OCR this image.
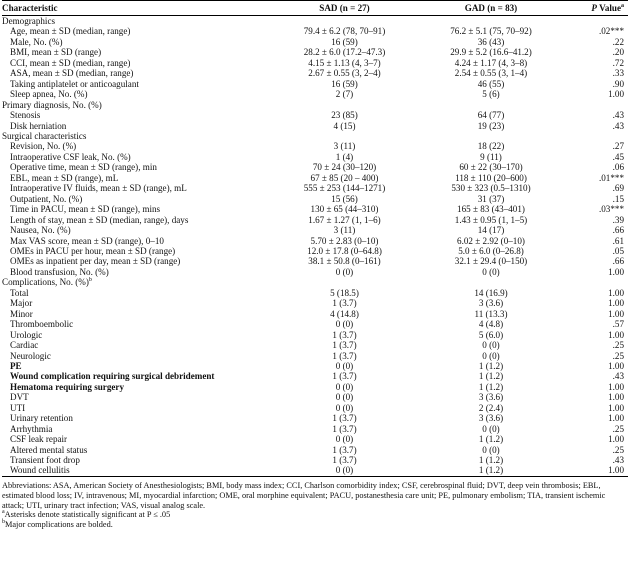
Characteristic	SAD (n = 27)	GAD (n = 83)	P Value$^a$
Demographics			
Age, mean ± SD (median, range)	79.4 ± 6.2 (78, 70–91)	76.2 ± 5.1 (75, 70–92)	.02***
Male, No. (%)	16 (59)	36 (43)	.22
BMI, mean ± SD (range)	28.2 ± 6.0 (17.2–47.3)	29.9 ± 5.2 (16.6–41.2)	.20
CCI, mean ± SD (median, range)	4.15 ± 1.13 (4, 3–7)	4.24 ± 1.17 (4, 3–8)	.72
ASA, mean ± SD (median, range)	2.67 ± 0.55 (3, 2–4)	2.54 ± 0.55 (3, 1–4)	.33
Taking antiplatelet or anticoagulant	16 (59)	46 (55)	.90
Sleep apnea, No. (%)	2 (7)	5 (6)	1.00
Primary diagnosis, No. (%)			
Stenosis	23 (85)	64 (77)	.43
Disk herniation	4 (15)	19 (23)	.43
Surgical characteristics			
Revision, No. (%)	3 (11)	18 (22)	.27
Intraoperative CSF leak, No. (%)	1 (4)	9 (11)	.45
Operative time, mean ± SD (range), min	70 ± 24 (30–120)	60 ± 22 (30–170)	.06
EBL, mean ± SD (range), mL	67 ± 85 (20 – 400)	118 ± 110 (20–600)	.01***
Intraoperative IV fluids, mean ± SD (range), mL	555 ± 253 (144–1271)	530 ± 323 (0.5–1310)	.69
Outpatient, No. (%)	15 (56)	31 (37)	.15
Time in PACU, mean ± SD (range), mins	130 ± 65 (44–310)	165 ± 83 (43–401)	.03***
Length of stay, mean ± SD (median, range), days	1.67 ± 1.27 (1, 1–6)	1.43 ± 0.95 (1, 1–5)	.39
Nausea, No. (%)	3 (11)	14 (17)	.66
Max VAS score, mean ± SD (range), 0–10	5.70 ± 2.83 (0–10)	6.02 ± 2.92 (0–10)	.61
OMEs in PACU per hour, mean ± SD (range)	12.0 ± 17.8 (0–64.8)	5.0 ± 6.0 (0–26.8)	.05
OMEs as inpatient per day, mean ± SD (range)	38.1 ± 50.8 (0–161)	32.1 ± 29.4 (0–150)	.66
Blood transfusion, No. (%)	0 (0)	0 (0)	1.00
Complications, No. (%)$^b$			
Total	5 (18.5)	14 (16.9)	1.00
Major	1 (3.7)	3 (3.6)	1.00
Minor	4 (14.8)	11 (13.3)	1.00
Thromboembolic	0 (0)	4 (4.8)	.57
Urologic	1 (3.7)	5 (6.0)	1.00
Cardiac	1 (3.7)	0 (0)	.25
Neurologic	1 (3.7)	0 (0)	.25
PE	0 (0)	1 (1.2)	1.00
Wound complication requiring surgical debridement	1 (3.7)	1 (1.2)	.43
Hematoma requiring surgery	0 (0)	1 (1.2)	1.00
DVT	0 (0)	3 (3.6)	1.00
UTI	0 (0)	2 (2.4)	1.00
Urinary retention	1 (3.7)	3 (3.6)	1.00
Arrhythmia	1 (3.7)	0 (0)	.25
CSF leak repair	0 (0)	1 (1.2)	1.00
Altered mental status	1 (3.7)	0 (0)	.25
Transient foot drop	1 (3.7)	1 (1.2)	.43
Wound cellulitis	0 (0)	1 (1.2)	1.00

Abbreviations: ASA, American Society of Anesthesiologists; BMI, body mass index; CCI, Charlson comorbidity index; CSF, cerebrospinal fluid; DVT, deep vein thrombosis; EBL, estimated blood loss; IV, intravenous; MI, myocardial infarction; OME, oral morphine equivalent; PACU, postanesthesia care unit; PE, pulmonary embolism; TIA, transient ischemic attack; UTI, urinary tract infection; VAS, visual analog scale.

$^a$Asterisks denote statistically significant at P ≤ .05

$^b$Major complications are bolded.
